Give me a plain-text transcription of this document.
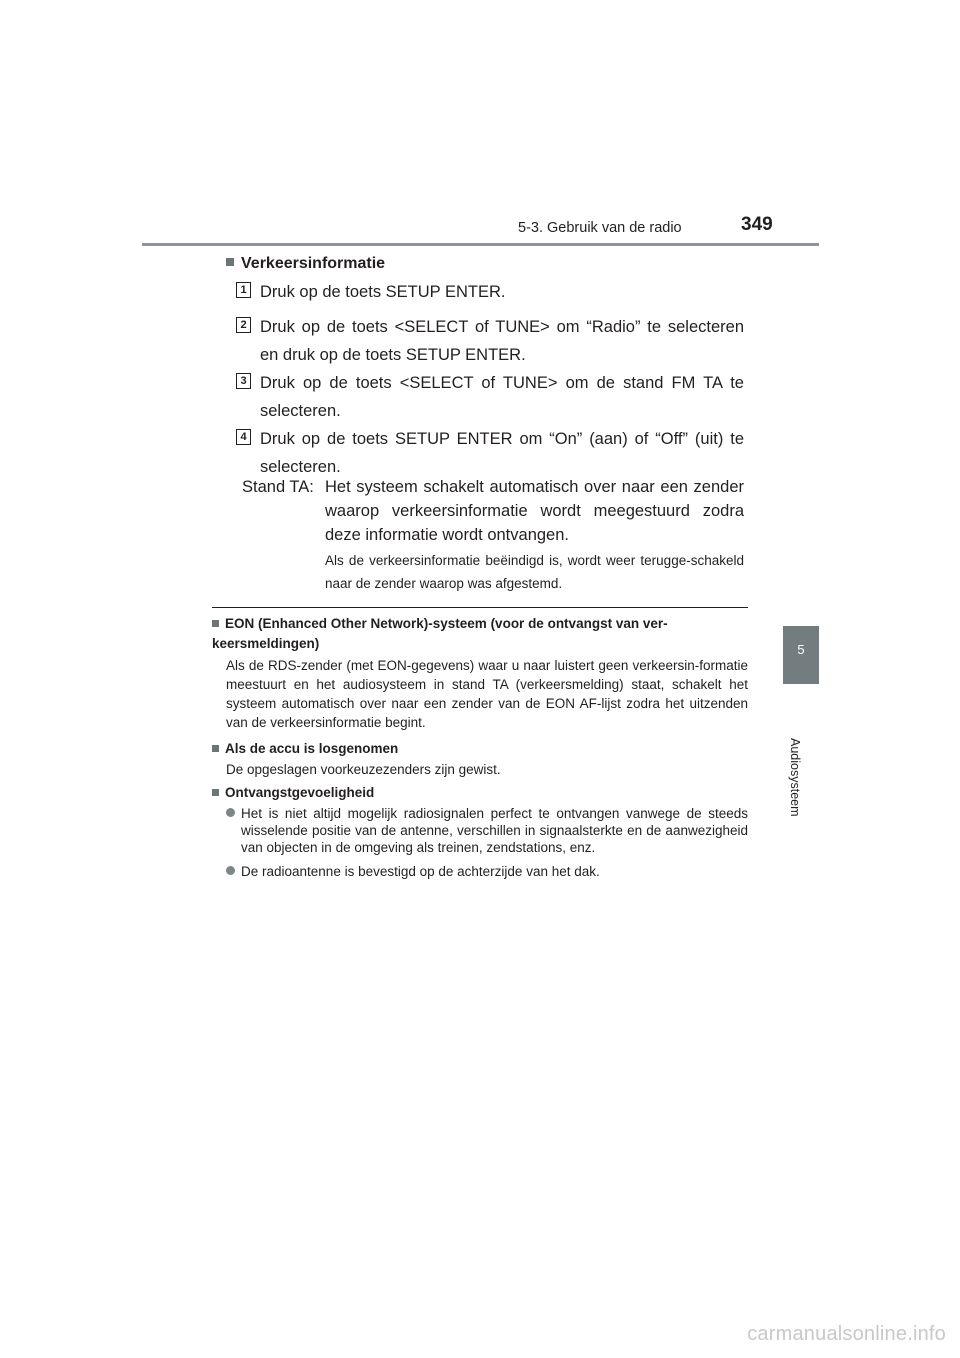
5-3. Gebruik van de radio	349
5
Audiosysteem
Verkeersinformatie
1 Druk op de toets SETUP ENTER.
2 Druk op de toets <SELECT of TUNE> om “Radio” te selecteren en druk op de toets SETUP ENTER.
3 Druk op de toets <SELECT of TUNE> om de stand FM TA te selecteren.
4 Druk op de toets SETUP ENTER om “On” (aan) of “Off” (uit) te selecteren.
Stand TA: Het systeem schakelt automatisch over naar een zender waarop verkeersinformatie wordt meegestuurd zodra deze informatie wordt ontvangen.
Als de verkeersinformatie beëindigd is, wordt weer terugge-schakeld naar de zender waarop was afgestemd.
EON (Enhanced Other Network)-systeem (voor de ontvangst van ver-keersmeldingen)
Als de RDS-zender (met EON-gegevens) waar u naar luistert geen verkeersin-formatie meestuurt en het audiosysteem in stand TA (verkeersmelding) staat, schakelt het systeem automatisch over naar een zender van de EON AF-lijst zodra het uitzenden van de verkeersinformatie begint.
Als de accu is losgenomen
De opgeslagen voorkeuzezenders zijn gewist.
Ontvangstgevoeligheid
Het is niet altijd mogelijk radiosignalen perfect te ontvangen vanwege de steeds wisselende positie van de antenne, verschillen in signaalsterkte en de aanwezigheid van objecten in de omgeving als treinen, zendstations, enz.
De radioantenne is bevestigd op de achterzijde van het dak.
carmanualsonline.info
